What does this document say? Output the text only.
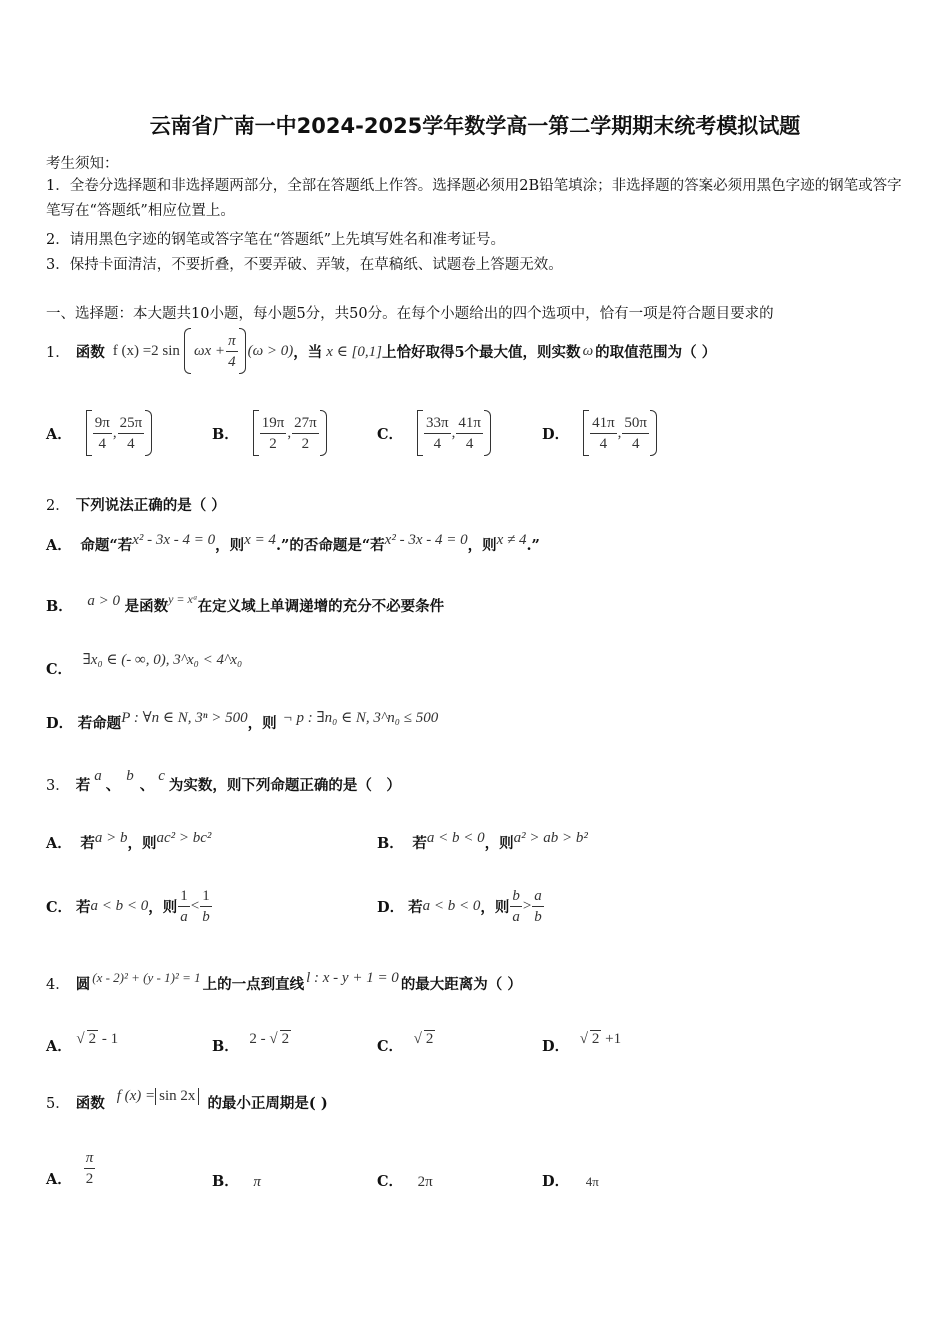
云南省广南一中2024-2025学年数学高一第二学期期末统考模拟试题
考生须知：
1．全卷分选择题和非选择题两部分，全部在答题纸上作答。选择题必须用2B铅笔填涂；非选择题的答案必须用黑色字迹的钢笔或答字笔写在“答题纸”相应位置上。
2．请用黑色字迹的钢笔或答字笔在“答题纸”上先填写姓名和准考证号。
3．保持卡面清洁，不要折叠，不要弄破、弄皱，在草稿纸、试题卷上答题无效。
一、选择题：本大题共10小题，每小题5分，共50分。在每个小题给出的四个选项中，恰有一项是符合题目要求的
1． 函数 f (x) =2 $\sin \omega x + \frac{\pi}{4} (\omega > 0)$ ，当 x ∈ [0,1] 上恰好取得5个最大值，则实数 ω 的取值范围为（ ）
A． $\frac{9\pi}{4}$ , $\frac{25\pi}{4}$	B． $\frac{19\pi}{2}$ , $\frac{27\pi}{2}$	C． $\frac{33\pi}{4}$ , $\frac{41\pi}{4}$	D． $\frac{41\pi}{4}$ , $\frac{50\pi}{4}$
2． 下列说法正确的是（ ）
A． 命题“若x² - 3x - 4 = 0，则x = 4.”的否命题是“若x² - 3x - 4 = 0，则x ≠ 4.”
B． a > 0 是函数$^{y = xᵃ}$在定义域上单调递增的充分不必要条件
C． ∃x₀ ∈ (- ∞, 0), 3^x₀ < 4^x₀
D． 若命题P : ∀n ∈ N, 3ⁿ > 500，则 ¬ p : ∃n₀ ∈ N, 3^n₀ ≤ 500
3． 若a、b、c为实数，则下列命题正确的是（　）
A． 若a > b，则ac² > bc²	B． 若a < b < 0，则a² > ab > b²
C． 若 a < b < 0 ，则 $\frac{1}{a} < \frac{1}{b}$	D． 若 a < b < 0 ，则 $\frac{b}{a} > \frac{a}{b}$
4． 圆 (x - 2)² + (y - 1)² = 1 上的一点到直线 l : x - y + 1 = 0 的最大距离为（ ）
A． √ 2 - 1	B． 2 - √ 2	C． √ 2	D． √ 2 +1
5． 函数 f (x) = sin 2x 的最小正周期是( )
A． $\frac{\pi}{2}$	B． π	C． 2π	D． 4π
